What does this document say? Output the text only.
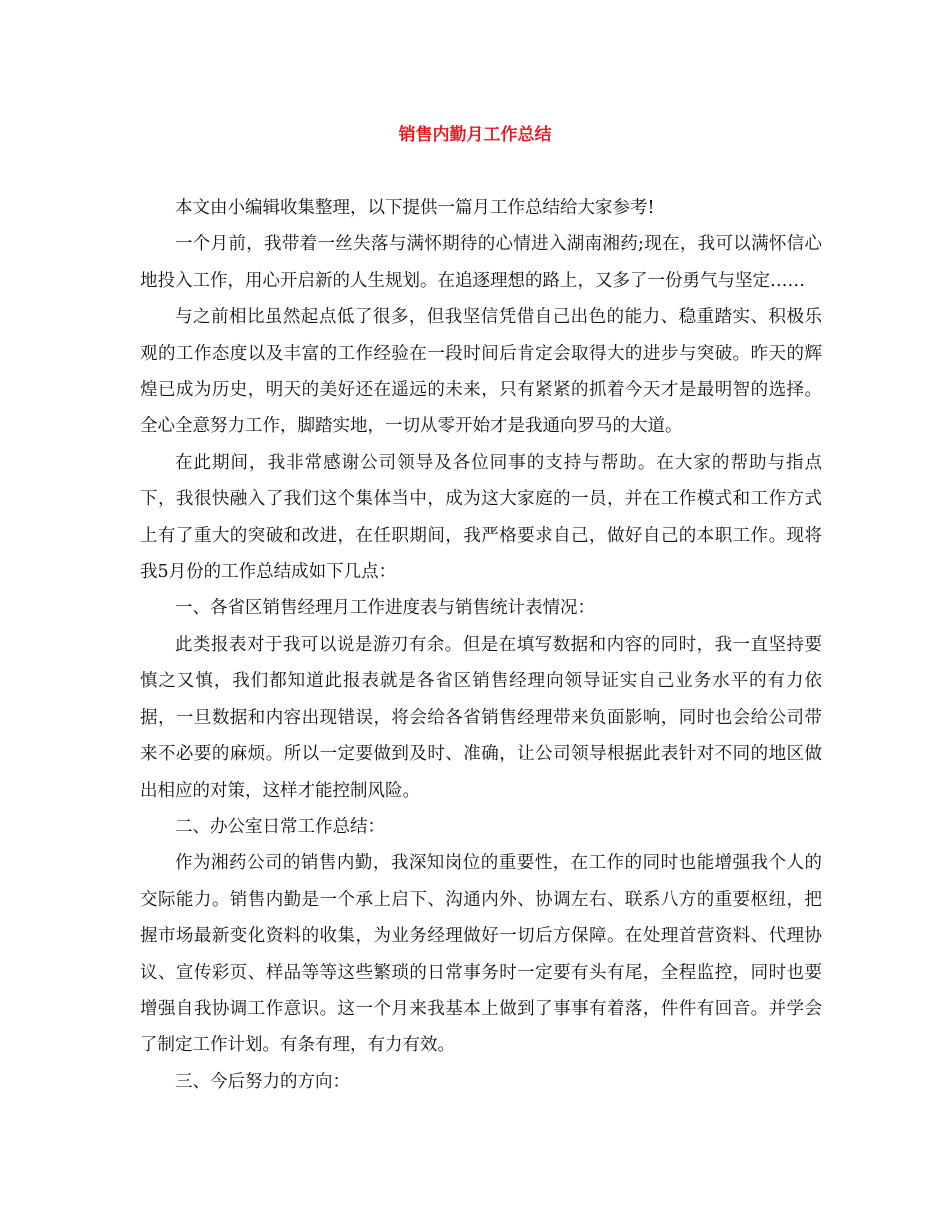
销售内勤月工作总结

本文由小编辑收集整理，以下提供一篇月工作总结给大家参考!

一个月前，我带着一丝失落与满怀期待的心情进入湖南湘药;现在，我可以满怀信心地投入工作，用心开启新的人生规划。在追逐理想的路上，又多了一份勇气与坚定……

与之前相比虽然起点低了很多，但我坚信凭借自己出色的能力、稳重踏实、积极乐观的工作态度以及丰富的工作经验在一段时间后肯定会取得大的进步与突破。昨天的辉煌已成为历史，明天的美好还在遥远的未来，只有紧紧的抓着今天才是最明智的选择。全心全意努力工作，脚踏实地，一切从零开始才是我通向罗马的大道。

在此期间，我非常感谢公司领导及各位同事的支持与帮助。在大家的帮助与指点下，我很快融入了我们这个集体当中，成为这大家庭的一员，并在工作模式和工作方式上有了重大的突破和改进，在任职期间，我严格要求自己，做好自己的本职工作。现将我5月份的工作总结成如下几点：

一、各省区销售经理月工作进度表与销售统计表情况：

此类报表对于我可以说是游刃有余。但是在填写数据和内容的同时，我一直坚持要慎之又慎，我们都知道此报表就是各省区销售经理向领导证实自己业务水平的有力依据，一旦数据和内容出现错误，将会给各省销售经理带来负面影响，同时也会给公司带来不必要的麻烦。所以一定要做到及时、准确，让公司领导根据此表针对不同的地区做出相应的对策，这样才能控制风险。

二、办公室日常工作总结：

作为湘药公司的销售内勤，我深知岗位的重要性，在工作的同时也能增强我个人的交际能力。销售内勤是一个承上启下、沟通内外、协调左右、联系八方的重要枢纽，把握市场最新变化资料的收集，为业务经理做好一切后方保障。在处理首营资料、代理协议、宣传彩页、样品等等这些繁琐的日常事务时一定要有头有尾，全程监控，同时也要增强自我协调工作意识。这一个月来我基本上做到了事事有着落，件件有回音。并学会了制定工作计划。有条有理，有力有效。

三、今后努力的方向：
